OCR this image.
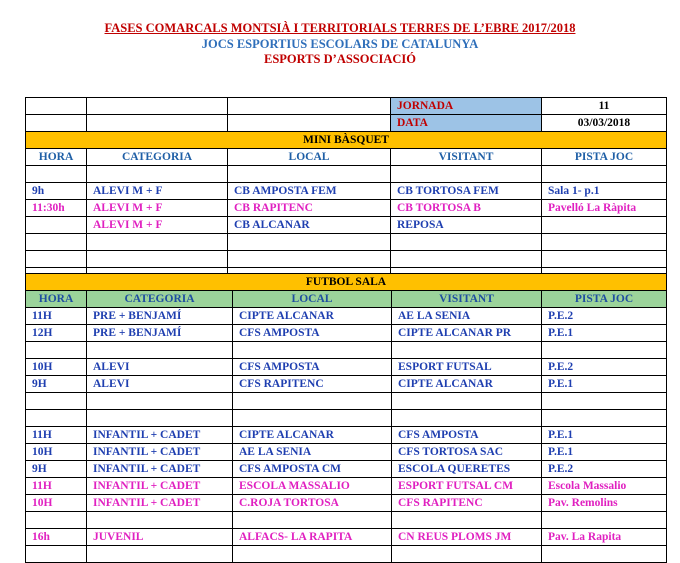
FASES COMARCALS MONTSIÀ I TERRITORIALS TERRES DE L’EBRE 2017/2018
JOCS ESPORTIUS ESCOLARS DE CATALUNYA
ESPORTS D’ASSOCIACIÓ
			JORNADA	11
			DATA	03/03/2018
MINI BÀSQUET				
HORA	CATEGORIA	LOCAL	VISITANT	PISTA JOC

9h	ALEVI M + F	CB AMPOSTA FEM	CB TORTOSA FEM	Sala 1- p.1
11:30h	ALEVI M + F	CB RAPITENC	CB TORTOSA B	Pavelló La Ràpita
	ALEVI M + F	CB ALCANAR	REPOSA	

FUTBOL SALA				
HORA	CATEGORIA	LOCAL	VISITANT	PISTA JOC
11H	PRE + BENJAMÍ	CIPTE ALCANAR	AE LA SENIA	P.E.2
12H	PRE + BENJAMÍ	CFS AMPOSTA	CIPTE ALCANAR PR	P.E.1

10H	ALEVI	CFS AMPOSTA	ESPORT FUTSAL	P.E.2
9H	ALEVI	CFS RAPITENC	CIPTE ALCANAR	P.E.1

11H	INFANTIL + CADET	CIPTE ALCANAR	CFS AMPOSTA	P.E.1
10H	INFANTIL + CADET	AE LA SENIA	CFS TORTOSA SAC	P.E.1
9H	INFANTIL + CADET	CFS AMPOSTA CM	ESCOLA QUERETES	P.E.2
11H	INFANTIL + CADET	ESCOLA MASSALIO	ESPORT FUTSAL CM	Escola Massalio
10H	INFANTIL + CADET	C.ROJA TORTOSA	CFS RAPITENC	Pav. Remolins

16h	JUVENIL	ALFACS- LA RAPITA	CN REUS PLOMS JM	Pav. La Rapita
